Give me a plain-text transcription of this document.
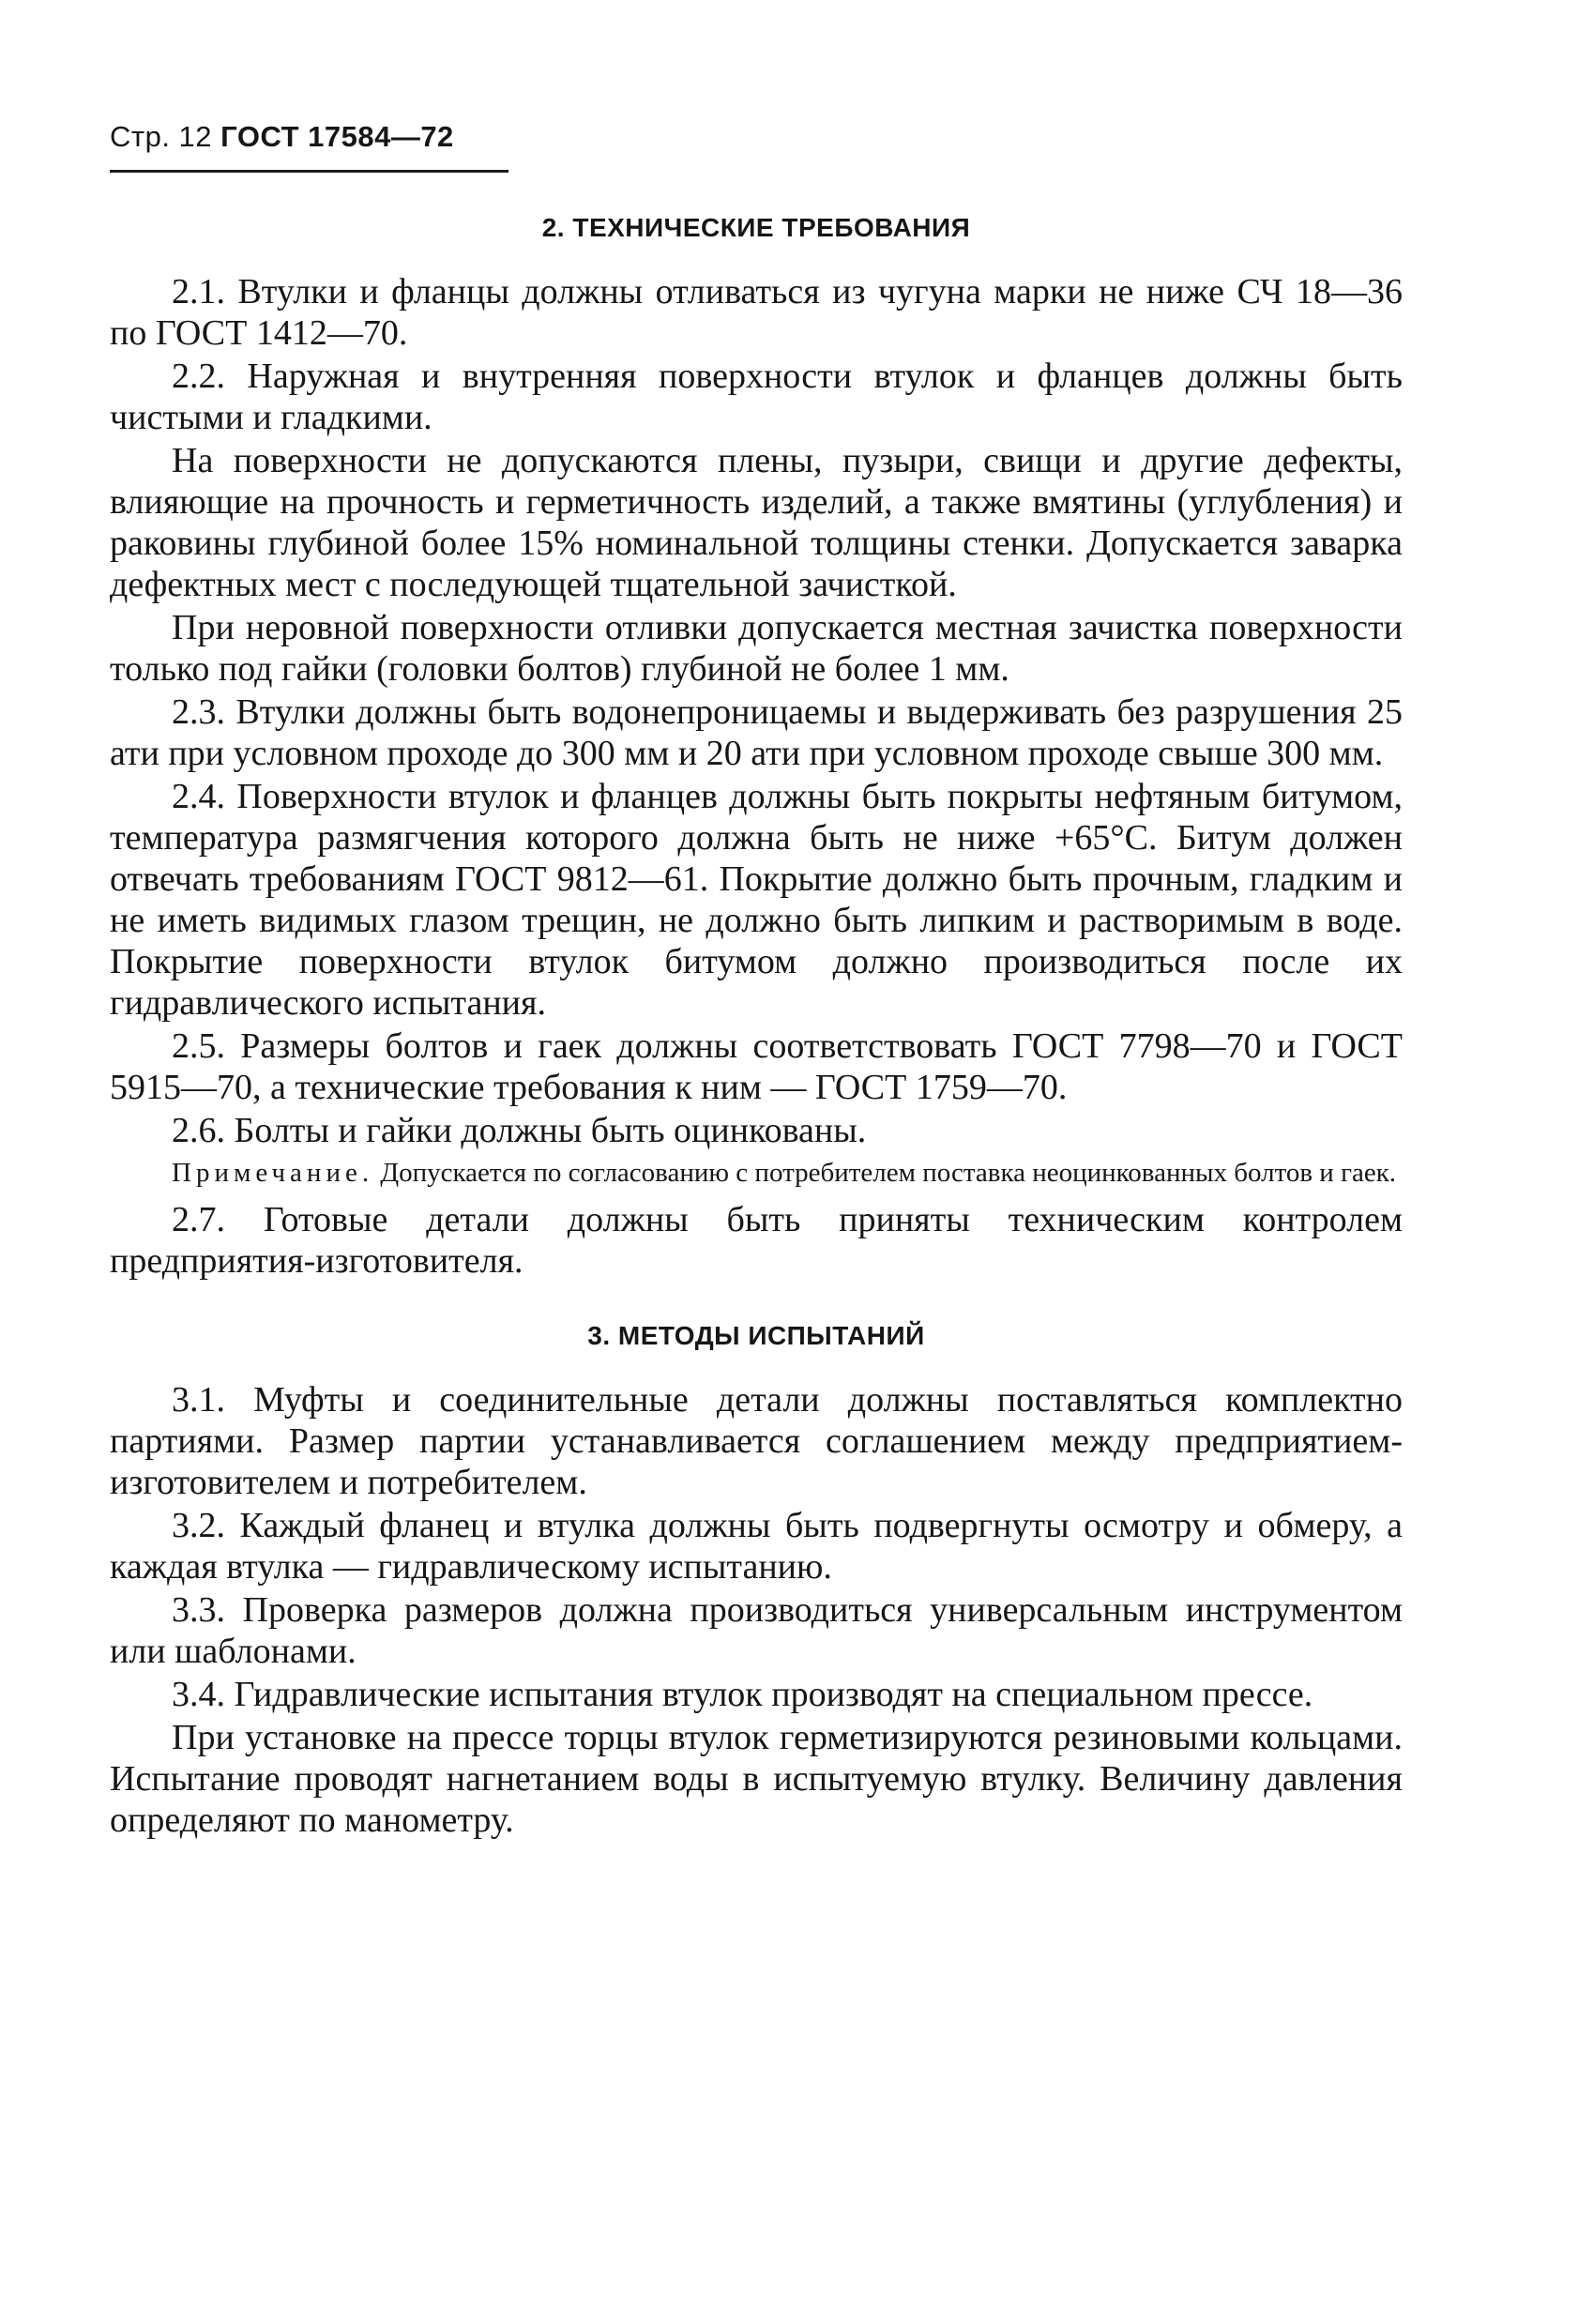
Стр. 12 ГОСТ 17584—72
2. ТЕХНИЧЕСКИЕ ТРЕБОВАНИЯ

2.1. Втулки и фланцы должны отливаться из чугуна марки не ниже СЧ 18—36 по ГОСТ 1412—70.

2.2. Наружная и внутренняя поверхности втулок и фланцев должны быть чистыми и гладкими.

На поверхности не допускаются плены, пузыри, свищи и другие дефекты, влияющие на прочность и герметичность изделий, а также вмятины (углубления) и раковины глубиной более 15% номинальной толщины стенки. Допускается заварка дефектных мест с последующей тщательной зачисткой.

При неровной поверхности отливки допускается местная зачистка поверхности только под гайки (головки болтов) глубиной не более 1 мм.

2.3. Втулки должны быть водонепроницаемы и выдерживать без разрушения 25 ати при условном проходе до 300 мм и 20 ати при условном проходе свыше 300 мм.

2.4. Поверхности втулок и фланцев должны быть покрыты нефтяным битумом, температура размягчения которого должна быть не ниже +65°С. Битум должен отвечать требованиям ГОСТ 9812—61. Покрытие должно быть прочным, гладким и не иметь видимых глазом трещин, не должно быть липким и растворимым в воде. Покрытие поверхности втулок битумом должно производиться после их гидравлического испытания.

2.5. Размеры болтов и гаек должны соответствовать ГОСТ 7798—70 и ГОСТ 5915—70, а технические требования к ним — ГОСТ 1759—70.

2.6. Болты и гайки должны быть оцинкованы.

Примечание. Допускается по согласованию с потребителем поставка неоцинкованных болтов и гаек.

2.7. Готовые детали должны быть приняты техническим контролем предприятия-изготовителя.

3. МЕТОДЫ ИСПЫТАНИЙ

3.1. Муфты и соединительные детали должны поставляться комплектно партиями. Размер партии устанавливается соглашением между предприятием-изготовителем и потребителем.

3.2. Каждый фланец и втулка должны быть подвергнуты осмотру и обмеру, а каждая втулка — гидравлическому испытанию.

3.3. Проверка размеров должна производиться универсальным инструментом или шаблонами.

3.4. Гидравлические испытания втулок производят на специальном прессе.

При установке на прессе торцы втулок герметизируются резиновыми кольцами. Испытание проводят нагнетанием воды в испытуемую втулку. Величину давления определяют по манометру.
